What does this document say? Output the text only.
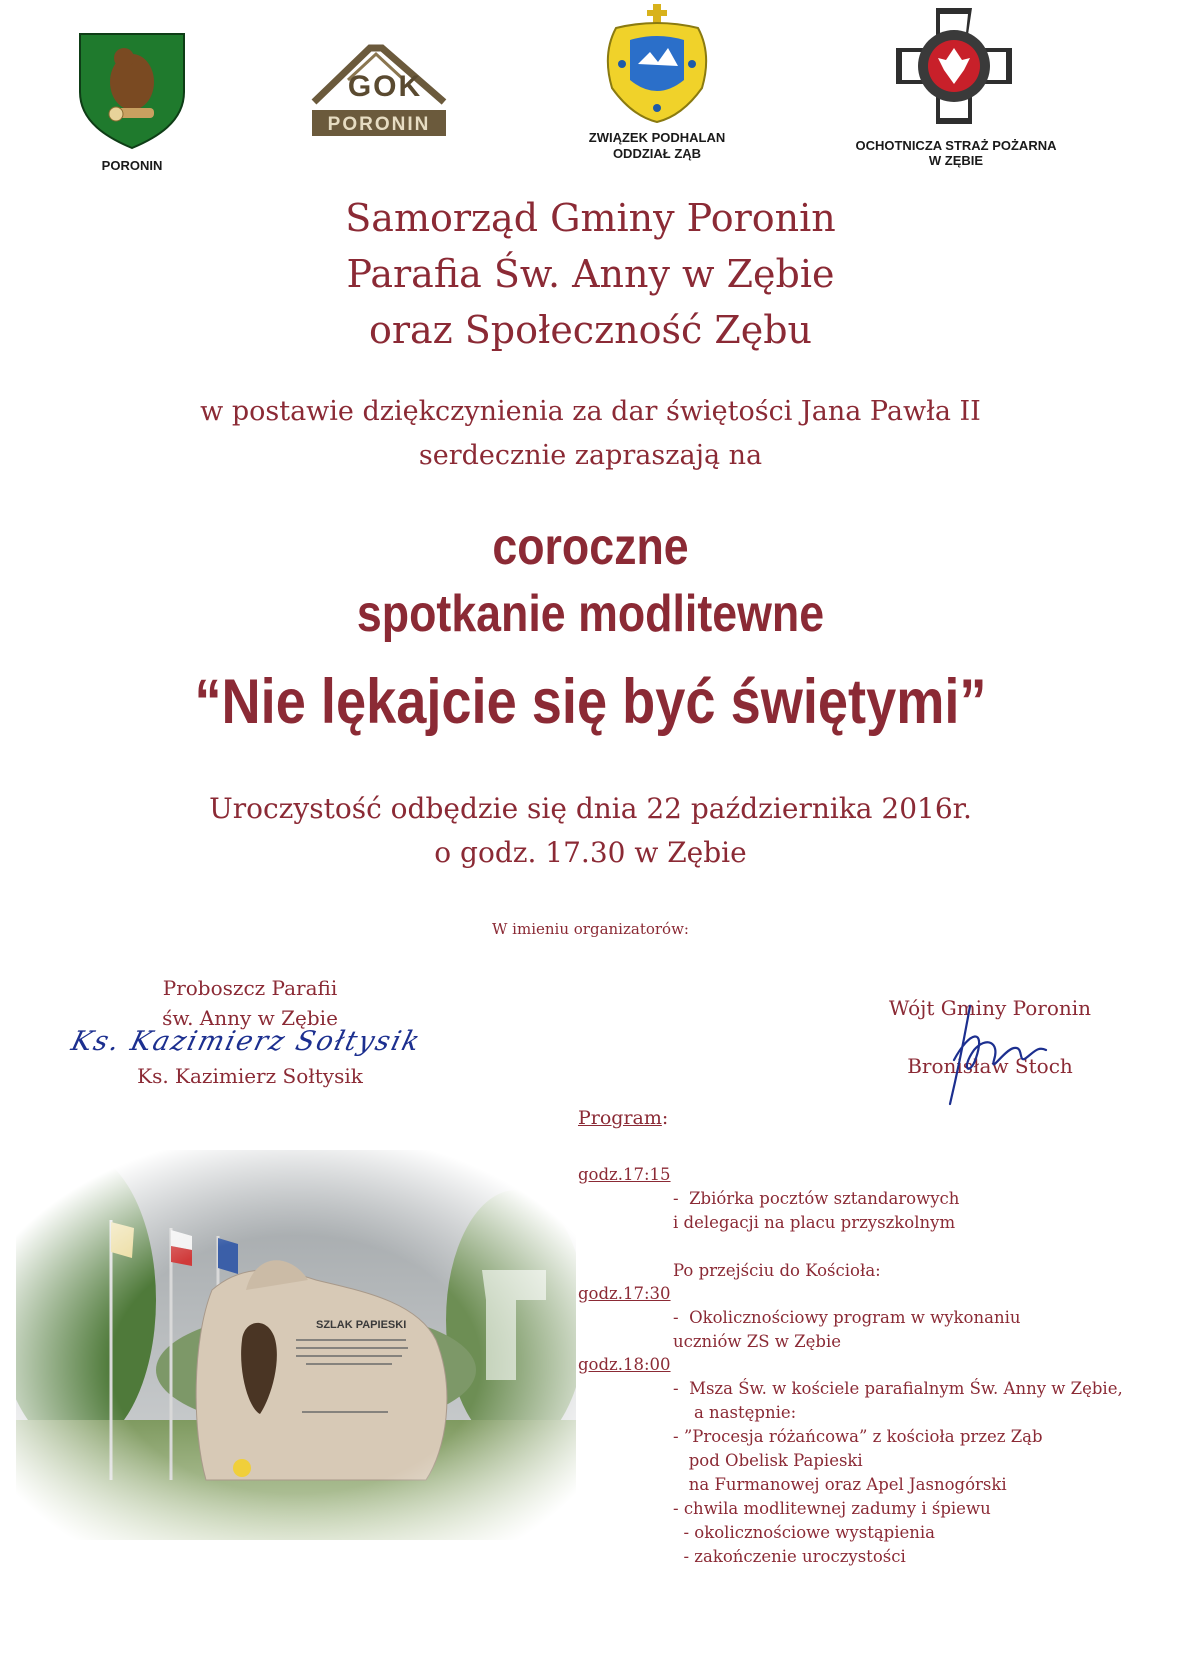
PORONIN
GOK
PORONIN
ZWIĄZEK PODHALAN
ODDZIAŁ ZĄB
OCHOTNICZA STRAŻ POŻARNA
W ZĘBIE
Samorząd Gminy Poronin
Parafia Św. Anny w Zębie
oraz Społeczność Zębu
w postawie dziękczynienia za dar świętości Jana Pawła II
serdecznie zapraszają na
coroczne
spotkanie modlitewne
“Nie lękajcie się być świętymi”
Uroczystość odbędzie się dnia 22 października 2016r.
o godz. 17.30 w Zębie
W imieniu organizatorów:
Proboszcz Parafii
św. Anny w Zębie
Ks. Kazimierz Sołtysik
Ks. Kazimierz Sołtysik
Wójt Gminy Poronin
Bronisław Stoch
Program:
godz.17:15
-  Zbiórka pocztów sztandarowych
i delegacji na placu przyszkolnym
Po przejściu do Kościoła:
godz.17:30
-  Okolicznościowy program w wykonaniu
uczniów ZS w Zębie
godz.18:00
-  Msza Św. w kościele parafialnym Św. Anny w Zębie,
a następnie:
- ”Procesja różańcowa” z kościoła przez Ząb
pod Obelisk Papieski
na Furmanowej oraz Apel Jasnogórski
- chwila modlitewnej zadumy i śpiewu
- okolicznościowe wystąpienia
- zakończenie uroczystości
